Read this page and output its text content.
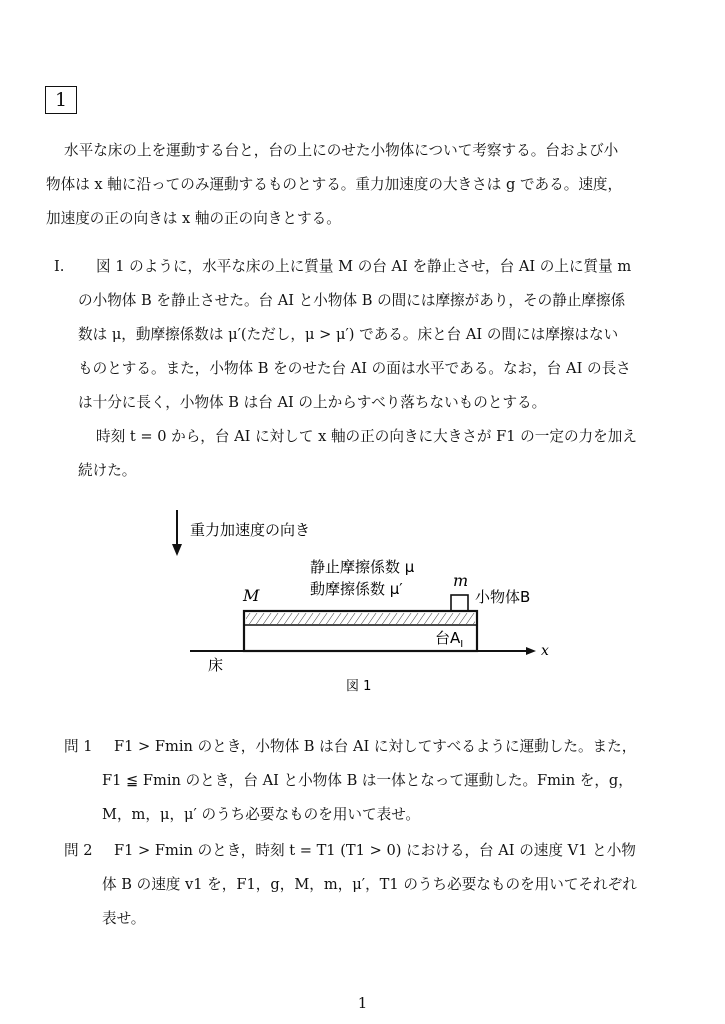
1
水平な床の上を運動する台と，台の上にのせた小物体について考察する。台および小
物体は x 軸に沿ってのみ運動するものとする。重力加速度の大きさは g である。速度，
加速度の正の向きは x 軸の正の向きとする。
I.	図 1 のように，水平な床の上に質量 M の台 AI を静止させ，台 AI の上に質量 m
の小物体 B を静止させた。台 AI と小物体 B の間には摩擦があり，その静止摩擦係
数は μ，動摩擦係数は μ′(ただし，μ > μ′) である。床と台 AI の間には摩擦はない
ものとする。また，小物体 B をのせた台 AI の面は水平である。なお，台 AI の長さ
は十分に長く，小物体 B は台 AI の上からすべり落ちないものとする。
時刻 t = 0 から，台 AI に対して x 軸の正の向きに大きさが F1 の一定の力を加え
続けた。
重力加速度の向き
静止摩擦係数 μ
動摩擦係数 μ′
M
m
小物体B
台$A_I$	x
床
図 1
問 1 F1 > Fmin のとき，小物体 B は台 AI に対してすべるように運動した。また，
F1 ≦ Fmin のとき，台 AI と小物体 B は一体となって運動した。Fmin を，g，
M，m，μ，μ′ のうち必要なものを用いて表せ。
問 2 F1 > Fmin のとき，時刻 t = T1 (T1 > 0) における，台 AI の速度 V1 と小物
体 B の速度 v1 を，F1，g，M，m，μ′，T1 のうち必要なものを用いてそれぞれ
表せ。
1
